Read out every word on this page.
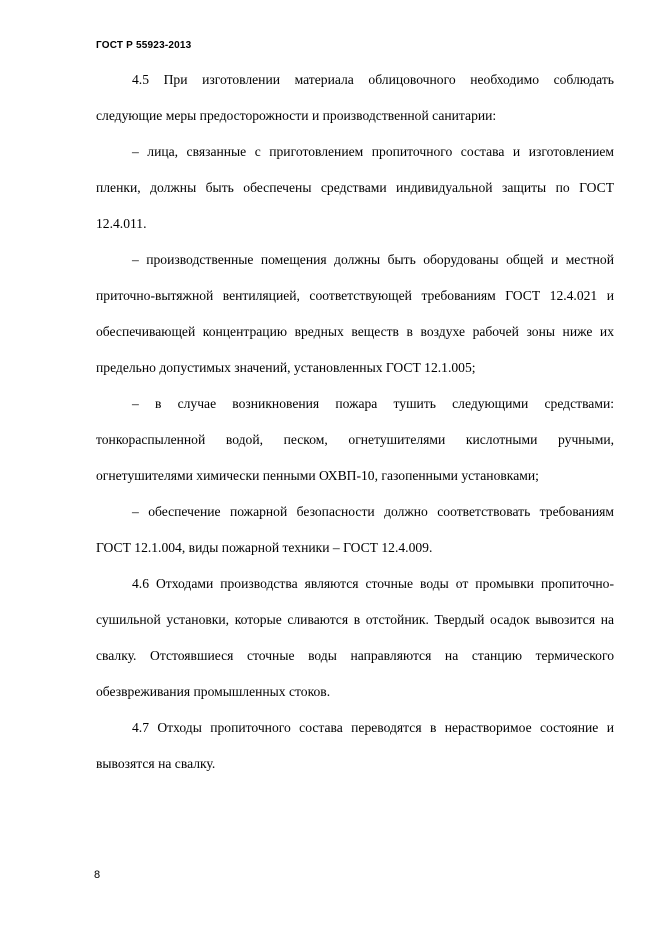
ГОСТ Р 55923-2013

4.5 При изготовлении материала облицовочного необходимо соблюдать следующие меры предосторожности и производственной санитарии:

– лица, связанные с приготовлением пропиточного состава и изготовлением пленки, должны быть обеспечены средствами индивидуальной защиты по ГОСТ 12.4.011.

– производственные помещения должны быть оборудованы общей и местной приточно-вытяжной вентиляцией, соответствующей требованиям ГОСТ 12.4.021 и обеспечивающей концентрацию вредных веществ в воздухе рабочей зоны ниже их предельно допустимых значений, установленных ГОСТ 12.1.005;

– в случае возникновения пожара тушить следующими средствами: тонкораспыленной водой, песком, огнетушителями кислотными ручными, огнетушителями химически пенными ОХВП-10, газопенными установками;

– обеспечение пожарной безопасности должно соответствовать требованиям ГОСТ 12.1.004, виды пожарной техники – ГОСТ 12.4.009.

4.6 Отходами производства являются сточные воды от промывки пропиточно-сушильной установки, которые сливаются в отстойник. Твердый осадок вывозится на свалку. Отстоявшиеся сточные воды направляются на станцию термического обезвреживания промышленных стоков.

4.7 Отходы пропиточного состава переводятся в нерастворимое состояние и вывозятся на свалку.

8
